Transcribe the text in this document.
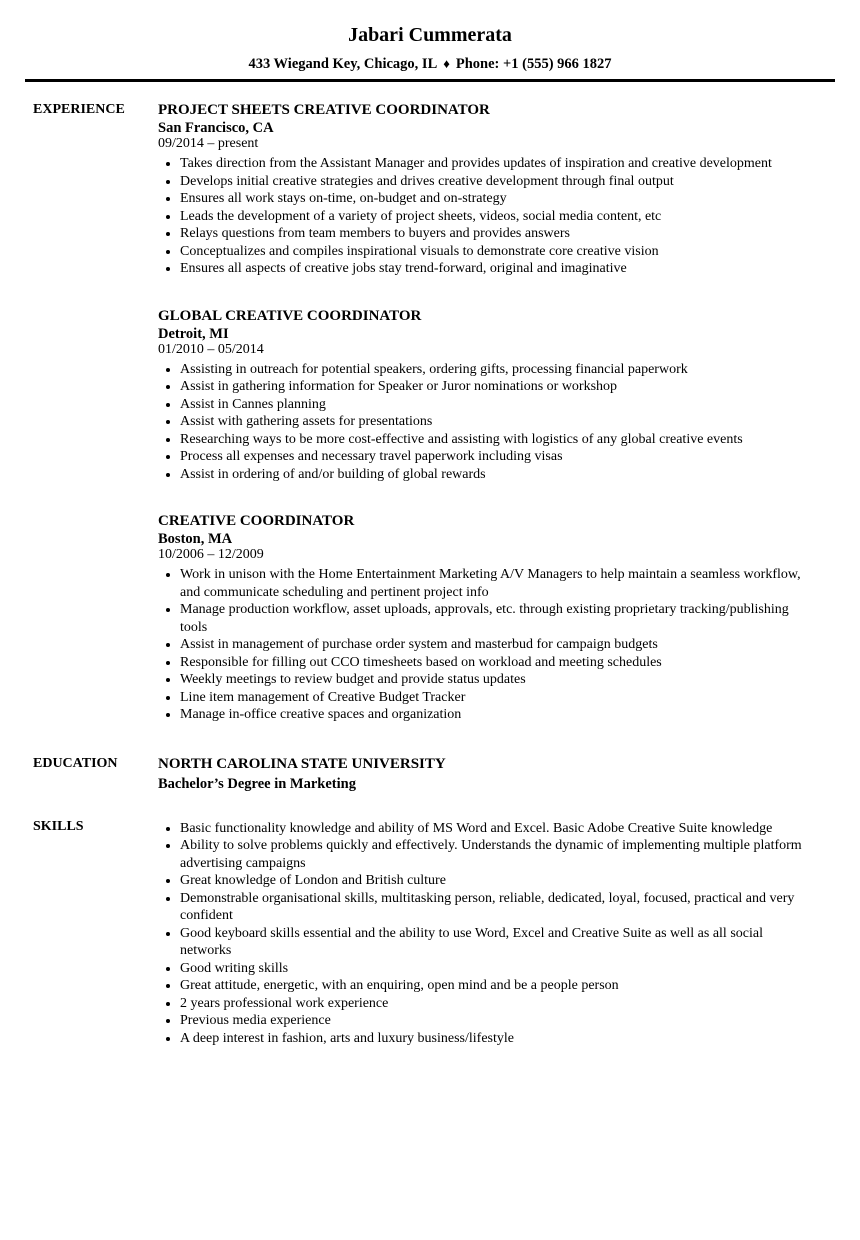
Jabari Cummerata
433 Wiegand Key, Chicago, IL ♦ Phone: +1 (555) 966 1827
EXPERIENCE	PROJECT SHEETS CREATIVE COORDINATOR
San Francisco, CA
09/2014 – present
• Takes direction from the Assistant Manager and provides updates of inspiration and creative development
• Develops initial creative strategies and drives creative development through final output
• Ensures all work stays on-time, on-budget and on-strategy
• Leads the development of a variety of project sheets, videos, social media content, etc
• Relays questions from team members to buyers and provides answers
• Conceptualizes and compiles inspirational visuals to demonstrate core creative vision
• Ensures all aspects of creative jobs stay trend-forward, original and imaginative
GLOBAL CREATIVE COORDINATOR
Detroit, MI
01/2010 – 05/2014
• Assisting in outreach for potential speakers, ordering gifts, processing financial paperwork
• Assist in gathering information for Speaker or Juror nominations or workshop
• Assist in Cannes planning
• Assist with gathering assets for presentations
• Researching ways to be more cost-effective and assisting with logistics of any global creative events
• Process all expenses and necessary travel paperwork including visas
• Assist in ordering of and/or building of global rewards
CREATIVE COORDINATOR
Boston, MA
10/2006 – 12/2009
• Work in unison with the Home Entertainment Marketing A/V Managers to help maintain a seamless workflow, and communicate scheduling and pertinent project info
• Manage production workflow, asset uploads, approvals, etc. through existing proprietary tracking/publishing tools
• Assist in management of purchase order system and masterbud for campaign budgets
• Responsible for filling out CCO timesheets based on workload and meeting schedules
• Weekly meetings to review budget and provide status updates
• Line item management of Creative Budget Tracker
• Manage in-office creative spaces and organization
EDUCATION	NORTH CAROLINA STATE UNIVERSITY
Bachelor’s Degree in Marketing
SKILLS	• Basic functionality knowledge and ability of MS Word and Excel. Basic Adobe Creative Suite knowledge
• Ability to solve problems quickly and effectively. Understands the dynamic of implementing multiple platform advertising campaigns
• Great knowledge of London and British culture
• Demonstrable organisational skills, multitasking person, reliable, dedicated, loyal, focused, practical and very confident
• Good keyboard skills essential and the ability to use Word, Excel and Creative Suite as well as all social networks
• Good writing skills
• Great attitude, energetic, with an enquiring, open mind and be a people person
• 2 years professional work experience
• Previous media experience
• A deep interest in fashion, arts and luxury business/lifestyle
